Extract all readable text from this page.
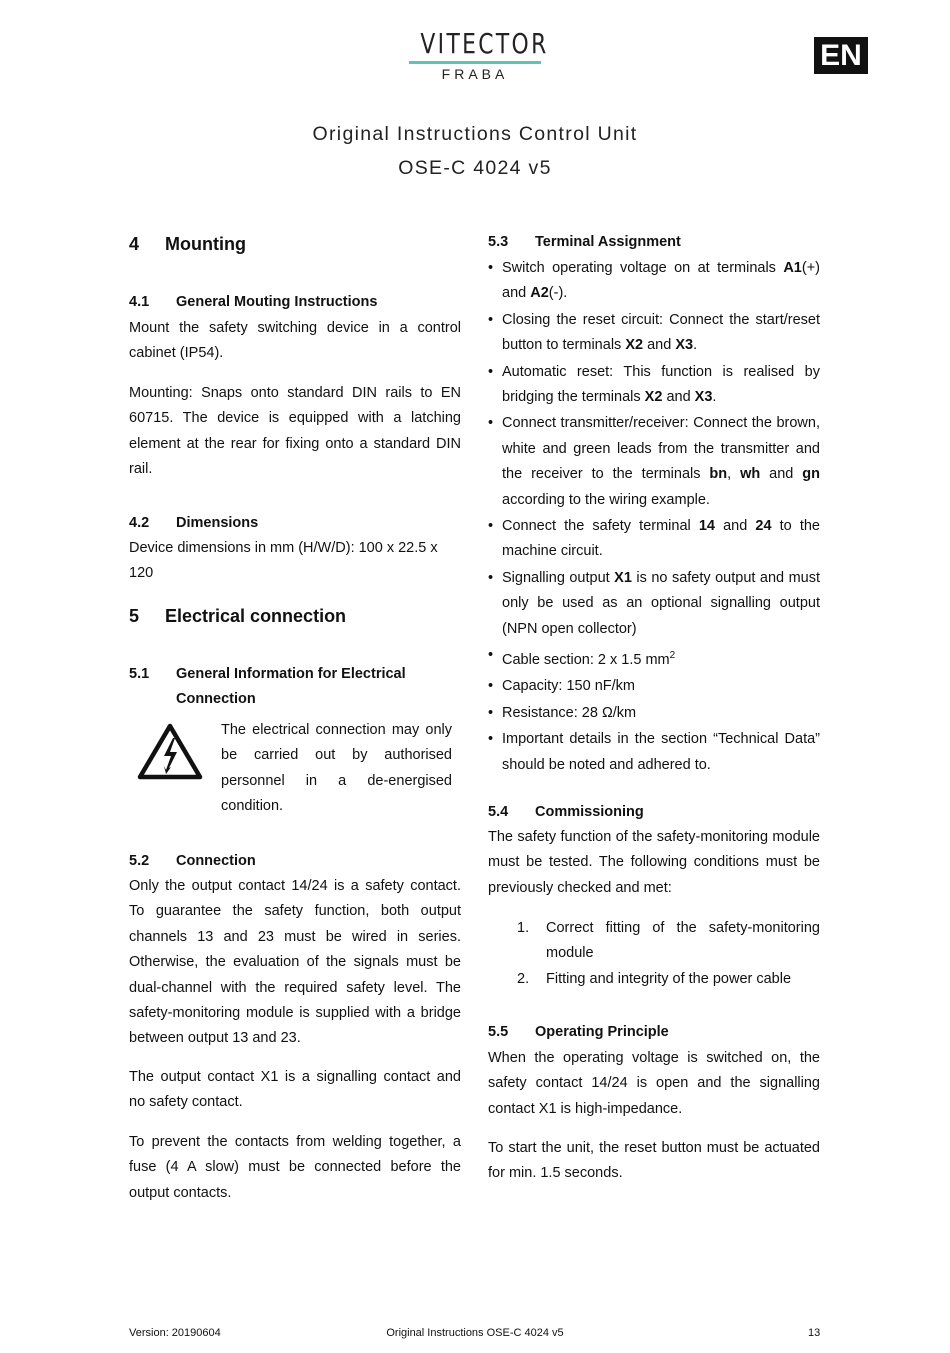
VITECTOR
FRABA
EN
Original Instructions Control Unit
OSE-C 4024 v5
4 Mounting
4.1 General Mouting Instructions
Mount the safety switching device in a control cabinet (IP54).
Mounting: Snaps onto standard DIN rails to EN 60715. The device is equipped with a latching element at the rear for fixing onto a standard DIN rail.
4.2 Dimensions
Device dimensions in mm (H/W/D): 100 x 22.5 x 120
5 Electrical connection
5.1	General Information for Electrical Connection
The electrical connection may only be carried out by authorised personnel in a de-energised condition.
5.2 Connection
Only the output contact 14/24 is a safety contact. To guarantee the safety function, both output channels 13 and 23 must be wired in series. Otherwise, the evaluation of the signals must be dual-channel with the required safety level. The safety-monitoring module is supplied with a bridge between output 13 and 23.
The output contact X1 is a signalling contact and no safety contact.
To prevent the contacts from welding together, a fuse (4 A slow) must be connected before the output contacts.
5.3 Terminal Assignment
• Switch operating voltage on at terminals A1(+) and A2(-).
• Closing the reset circuit: Connect the start/reset button to terminals X2 and X3.
• Automatic reset: This function is realised by bridging the terminals X2 and X3.
• Connect transmitter/receiver: Connect the brown, white and green leads from the transmitter and the receiver to the terminals bn, wh and gn according to the wiring example.
• Connect the safety terminal 14 and 24 to the machine circuit.
• Signalling output X1 is no safety output and must only be used as an optional signalling output (NPN open collector)
• Cable section: 2 x 1.5 $mm^2$
• Capacity: 150 nF/km
• Resistance: 28 Ω/km
• Important details in the section “Technical Data” should be noted and adhered to.
5.4 Commissioning
The safety function of the safety-monitoring module must be tested. The following conditions must be previously checked and met:
1. Correct fitting of the safety-monitoring module
2. Fitting and integrity of the power cable
5.5 Operating Principle
When the operating voltage is switched on, the safety contact 14/24 is open and the signalling contact X1 is high-impedance.
To start the unit, the reset button must be actuated for min. 1.5 seconds.
Version: 20190604	Original Instructions OSE-C 4024 v5	13
